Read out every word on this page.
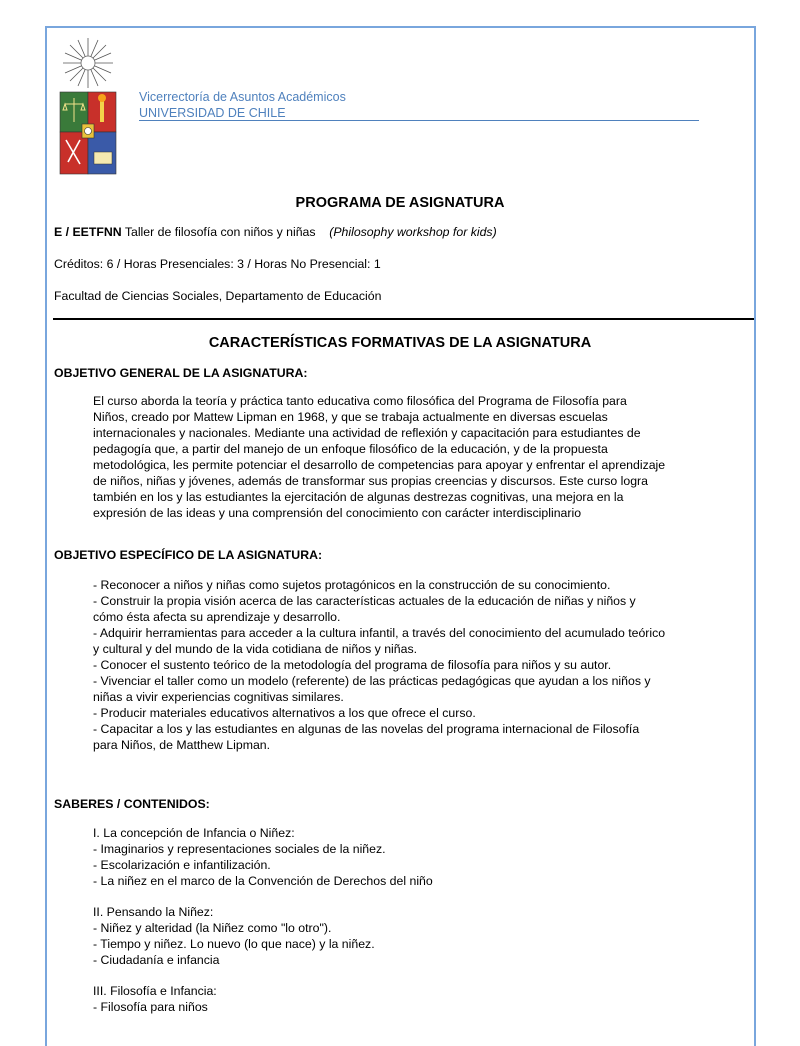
Vicerrectoría de Asuntos Académicos
UNIVERSIDAD DE CHILE
PROGRAMA DE ASIGNATURA
E / EETFNN Taller de filosofía con niños y niñas (Philosophy workshop for kids)
Créditos: 6 / Horas Presenciales: 3 / Horas No Presencial: 1
Facultad de Ciencias Sociales, Departamento de Educación
CARACTERÍSTICAS FORMATIVAS DE LA ASIGNATURA
OBJETIVO GENERAL DE LA ASIGNATURA:
El curso aborda la teoría y práctica tanto educativa como filosófica del Programa de Filosofía para
Niños, creado por Mattew Lipman en 1968, y que se trabaja actualmente en diversas escuelas
internacionales y nacionales. Mediante una actividad de reflexión y capacitación para estudiantes de
pedagogía que, a partir del manejo de un enfoque filosófico de la educación, y de la propuesta
metodológica, les permite potenciar el desarrollo de competencias para apoyar y enfrentar el aprendizaje
de niños, niñas y jóvenes, además de transformar sus propias creencias y discursos. Este curso logra
también en los y las estudiantes la ejercitación de algunas destrezas cognitivas, una mejora en la
expresión de las ideas y una comprensión del conocimiento con carácter interdisciplinario
OBJETIVO ESPECÍFICO DE LA ASIGNATURA:
- Reconocer a niños y niñas como sujetos protagónicos en la construcción de su conocimiento.
- Construir la propia visión acerca de las características actuales de la educación de niñas y niños y
cómo ésta afecta su aprendizaje y desarrollo.
- Adquirir herramientas para acceder a la cultura infantil, a través del conocimiento del acumulado teórico
y cultural y del mundo de la vida cotidiana de niños y niñas.
- Conocer el sustento teórico de la metodología del programa de filosofía para niños y su autor.
- Vivenciar el taller como un modelo (referente) de las prácticas pedagógicas que ayudan a los niños y
niñas a vivir experiencias cognitivas similares.
- Producir materiales educativos alternativos a los que ofrece el curso.
- Capacitar a los y las estudiantes en algunas de las novelas del programa internacional de Filosofía
para Niños, de Matthew Lipman.
SABERES / CONTENIDOS:
I. La concepción de Infancia o Niñez:
- Imaginarios y representaciones sociales de la niñez.
- Escolarización e infantilización.
- La niñez en el marco de la Convención de Derechos del niño
II. Pensando la Niñez:
- Niñez y alteridad (la Niñez como "lo otro").
- Tiempo y niñez. Lo nuevo (lo que nace) y la niñez.
- Ciudadanía e infancia
III. Filosofía e Infancia:
- Filosofía para niños
